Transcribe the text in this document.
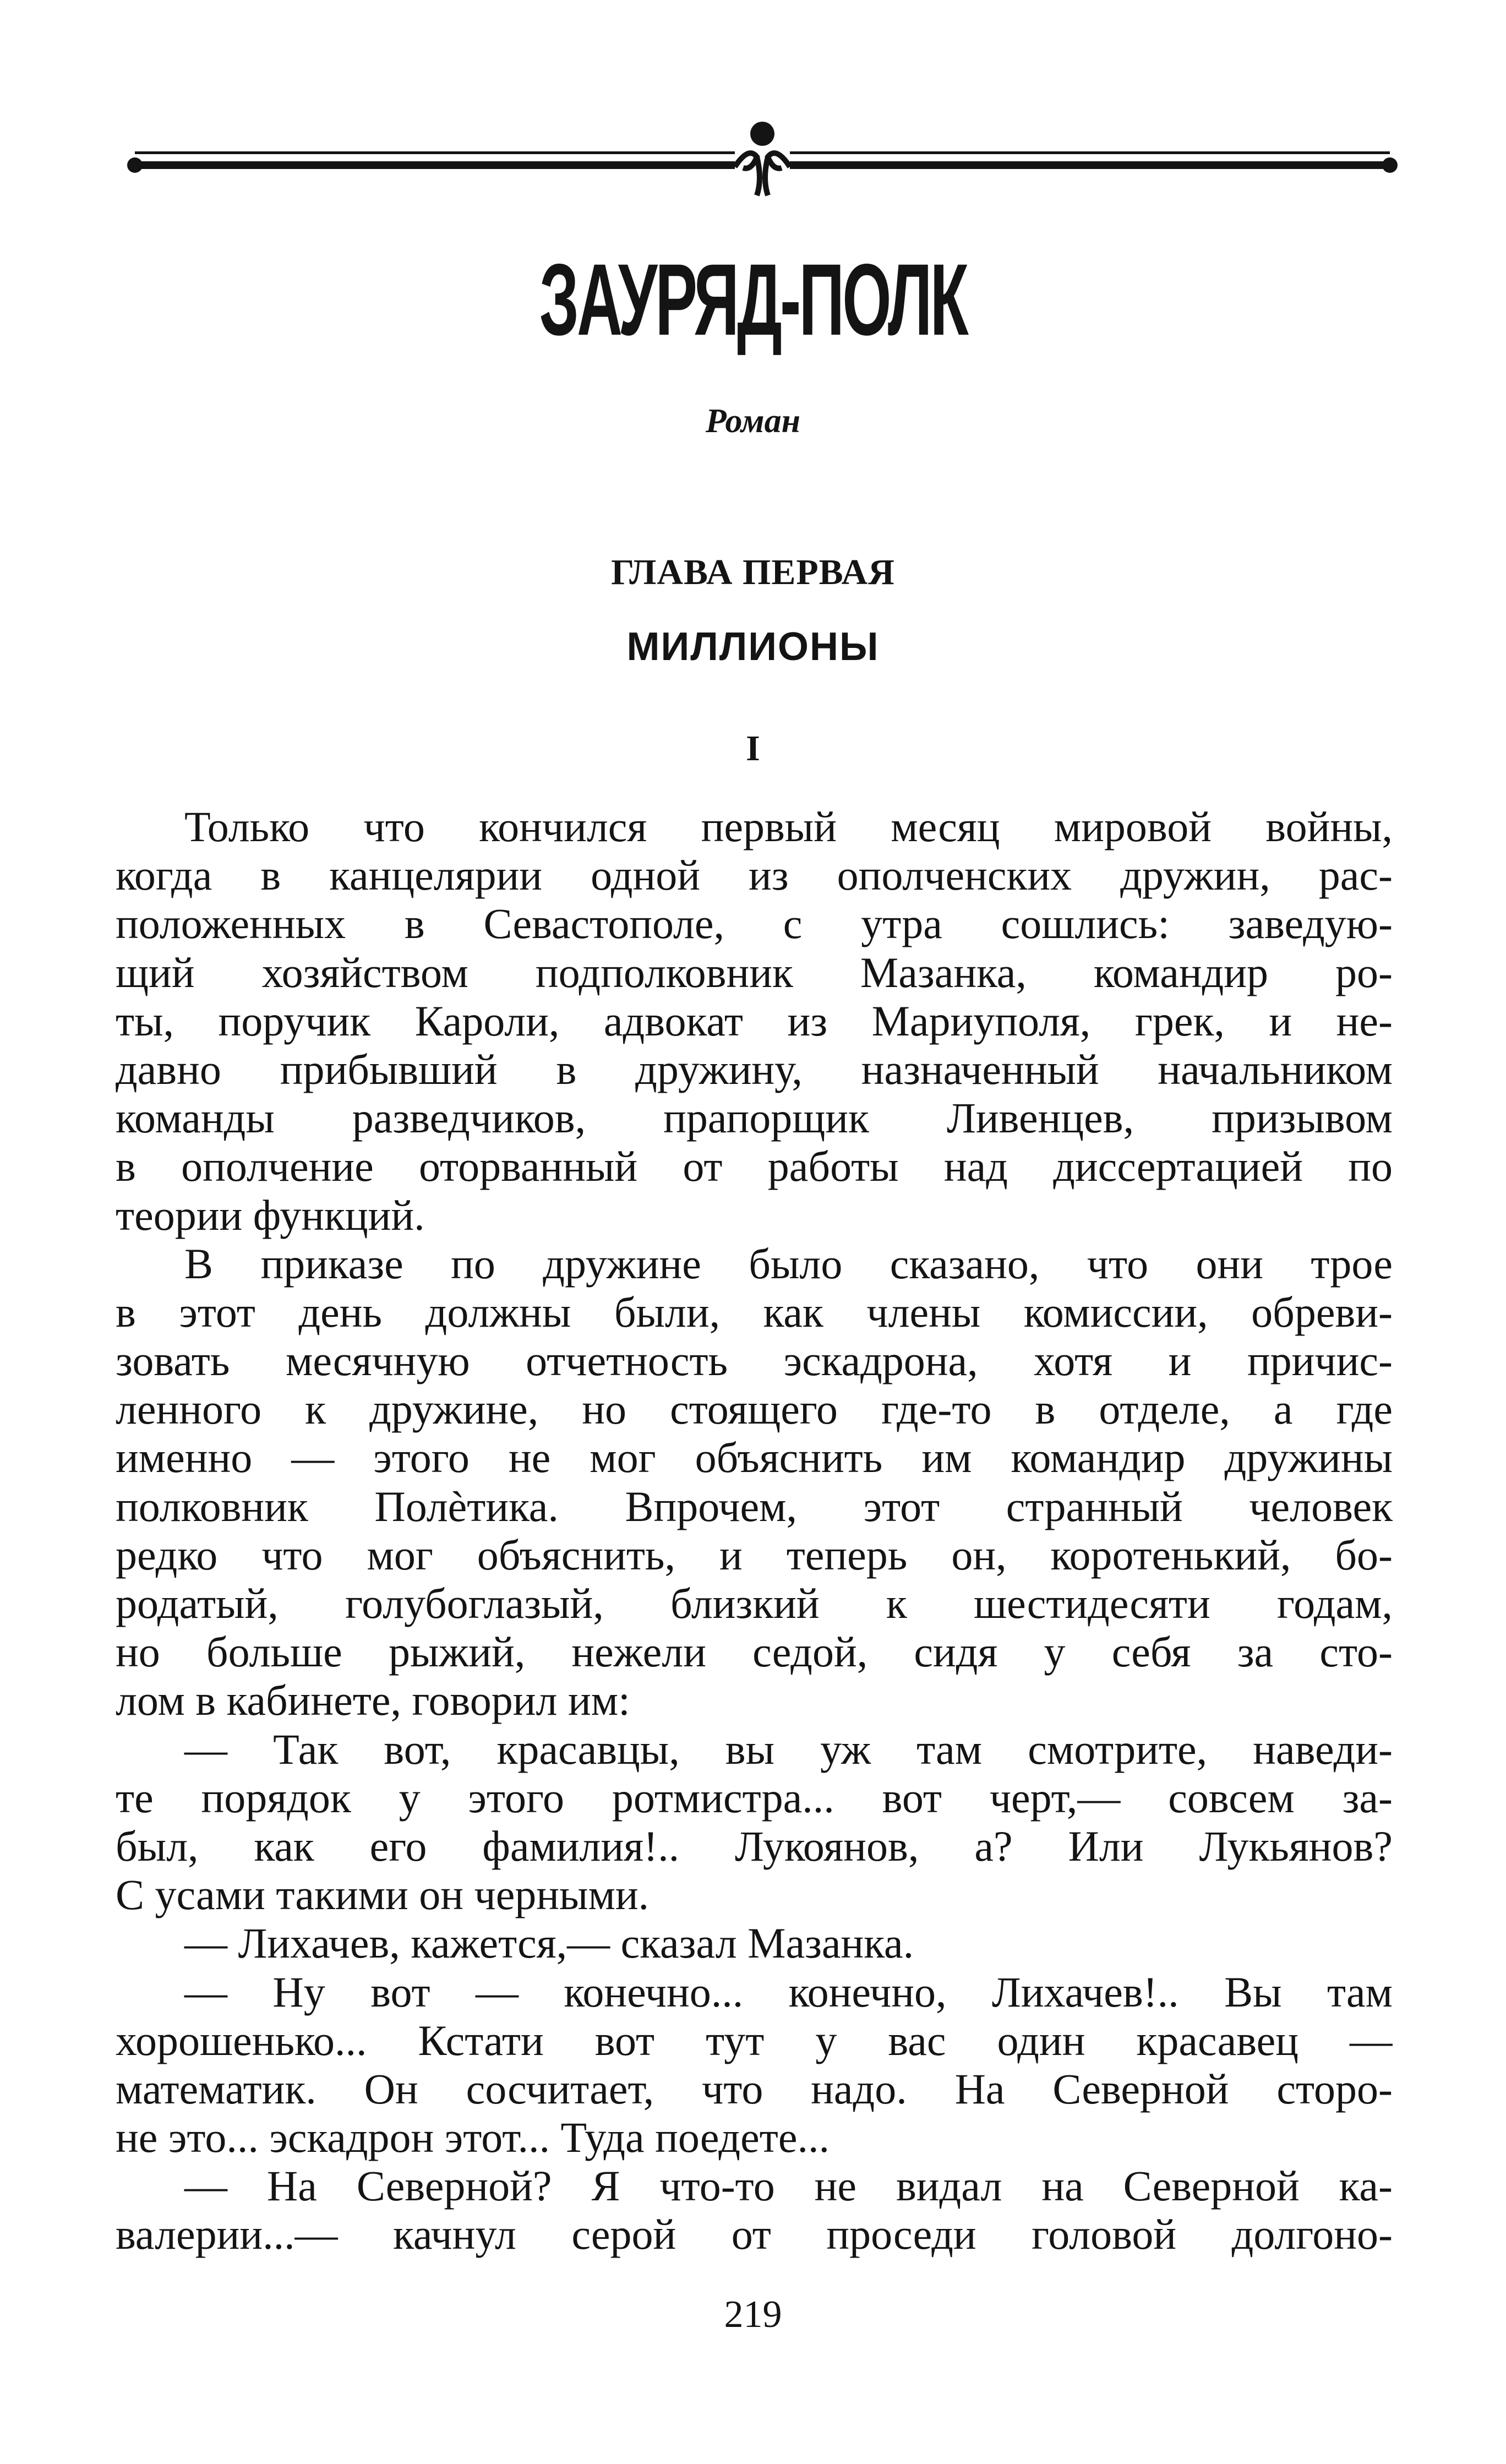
ЗАУРЯД-ПОЛК
Роман
ГЛАВА ПЕРВАЯ
МИЛЛИОНЫ
I
Только что кончился первый месяц мировой войны,
когда в канцелярии одной из ополченских дружин, рас-
положенных в Севастополе, с утра сошлись: заведую-
щий хозяйством подполковник Мазанка, командир ро-
ты, поручик Кароли, адвокат из Мариуполя, грек, и не-
давно прибывший в дружину, назначенный начальником
команды разведчиков, прапорщик Ливенцев, призывом
в ополчение оторванный от работы над диссертацией по
теории функций.
В приказе по дружине было сказано, что они трое
в этот день должны были, как члены комиссии, обреви-
зовать месячную отчетность эскадрона, хотя и причис-
ленного к дружине, но стоящего где-то в отделе, а где
именно — этого не мог объяснить им командир дружины
полковник Полѐтика. Впрочем, этот странный человек
редко что мог объяснить, и теперь он, коротенький, бо-
родатый, голубоглазый, близкий к шестидесяти годам,
но больше рыжий, нежели седой, сидя у себя за сто-
лом в кабинете, говорил им:
— Так вот, красавцы, вы уж там смотрите, наведи-
те порядок у этого ротмистра... вот черт,— совсем за-
был, как его фамилия!.. Лукоянов, а? Или Лукьянов?
С усами такими он черными.
— Лихачев, кажется,— сказал Мазанка.
— Ну вот — конечно... конечно, Лихачев!.. Вы там
хорошенько... Кстати вот тут у вас один красавец —
математик. Он сосчитает, что надо. На Северной сторо-
не это... эскадрон этот... Туда поедете...
— На Северной? Я что-то не видал на Северной ка-
валерии...— качнул серой от проседи головой долгоно-
219
